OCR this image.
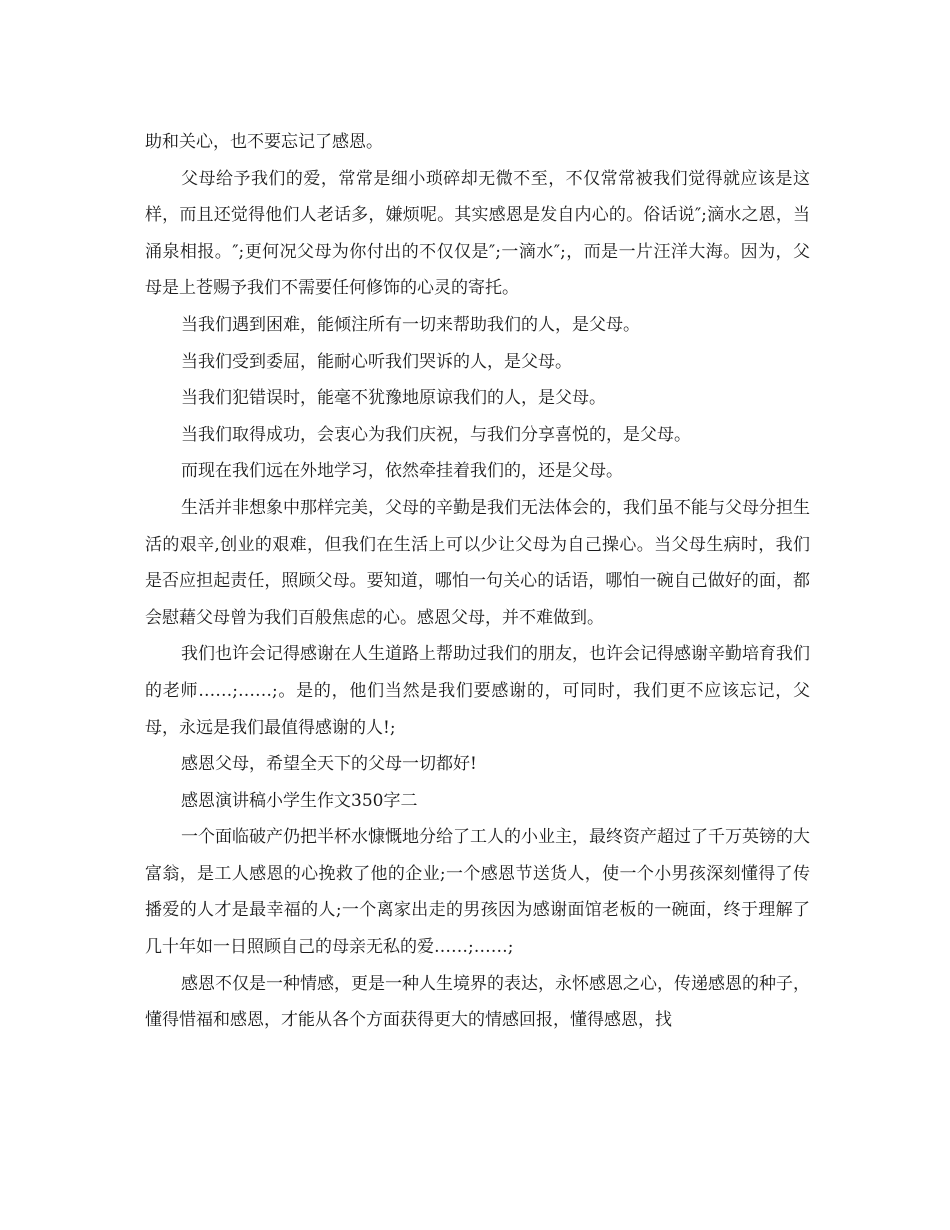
助和关心，也不要忘记了感恩。

父母给予我们的爱，常常是细小琐碎却无微不至，不仅常常被我们觉得就应该是这样，而且还觉得他们人老话多，嫌烦呢。其实感恩是发自内心的。俗话说″;滴水之恩，当涌泉相报。″;更何况父母为你付出的不仅仅是″;一滴水″;，而是一片汪洋大海。因为，父母是上苍赐予我们不需要任何修饰的心灵的寄托。

当我们遇到困难，能倾注所有一切来帮助我们的人，是父母。

当我们受到委屈，能耐心听我们哭诉的人，是父母。

当我们犯错误时，能毫不犹豫地原谅我们的人，是父母。

当我们取得成功，会衷心为我们庆祝，与我们分享喜悦的，是父母。

而现在我们远在外地学习，依然牵挂着我们的，还是父母。

生活并非想象中那样完美，父母的辛勤是我们无法体会的，我们虽不能与父母分担生活的艰辛,创业的艰难，但我们在生活上可以少让父母为自己操心。当父母生病时，我们是否应担起责任，照顾父母。要知道，哪怕一句关心的话语，哪怕一碗自己做好的面，都会慰藉父母曾为我们百般焦虑的心。感恩父母，并不难做到。

我们也许会记得感谢在人生道路上帮助过我们的朋友，也许会记得感谢辛勤培育我们的老师……;……;。是的，他们当然是我们要感谢的，可同时，我们更不应该忘记，父母，永远是我们最值得感谢的人!;

感恩父母，希望全天下的父母一切都好!

感恩演讲稿小学生作文350字二

一个面临破产仍把半杯水慷慨地分给了工人的小业主，最终资产超过了千万英镑的大富翁，是工人感恩的心挽救了他的企业;一个感恩节送货人，使一个小男孩深刻懂得了传播爱的人才是最幸福的人;一个离家出走的男孩因为感谢面馆老板的一碗面，终于理解了几十年如一日照顾自己的母亲无私的爱……;……;

感恩不仅是一种情感，更是一种人生境界的表达，永怀感恩之心，传递感恩的种子，懂得惜福和感恩，才能从各个方面获得更大的情感回报，懂得感恩，找
